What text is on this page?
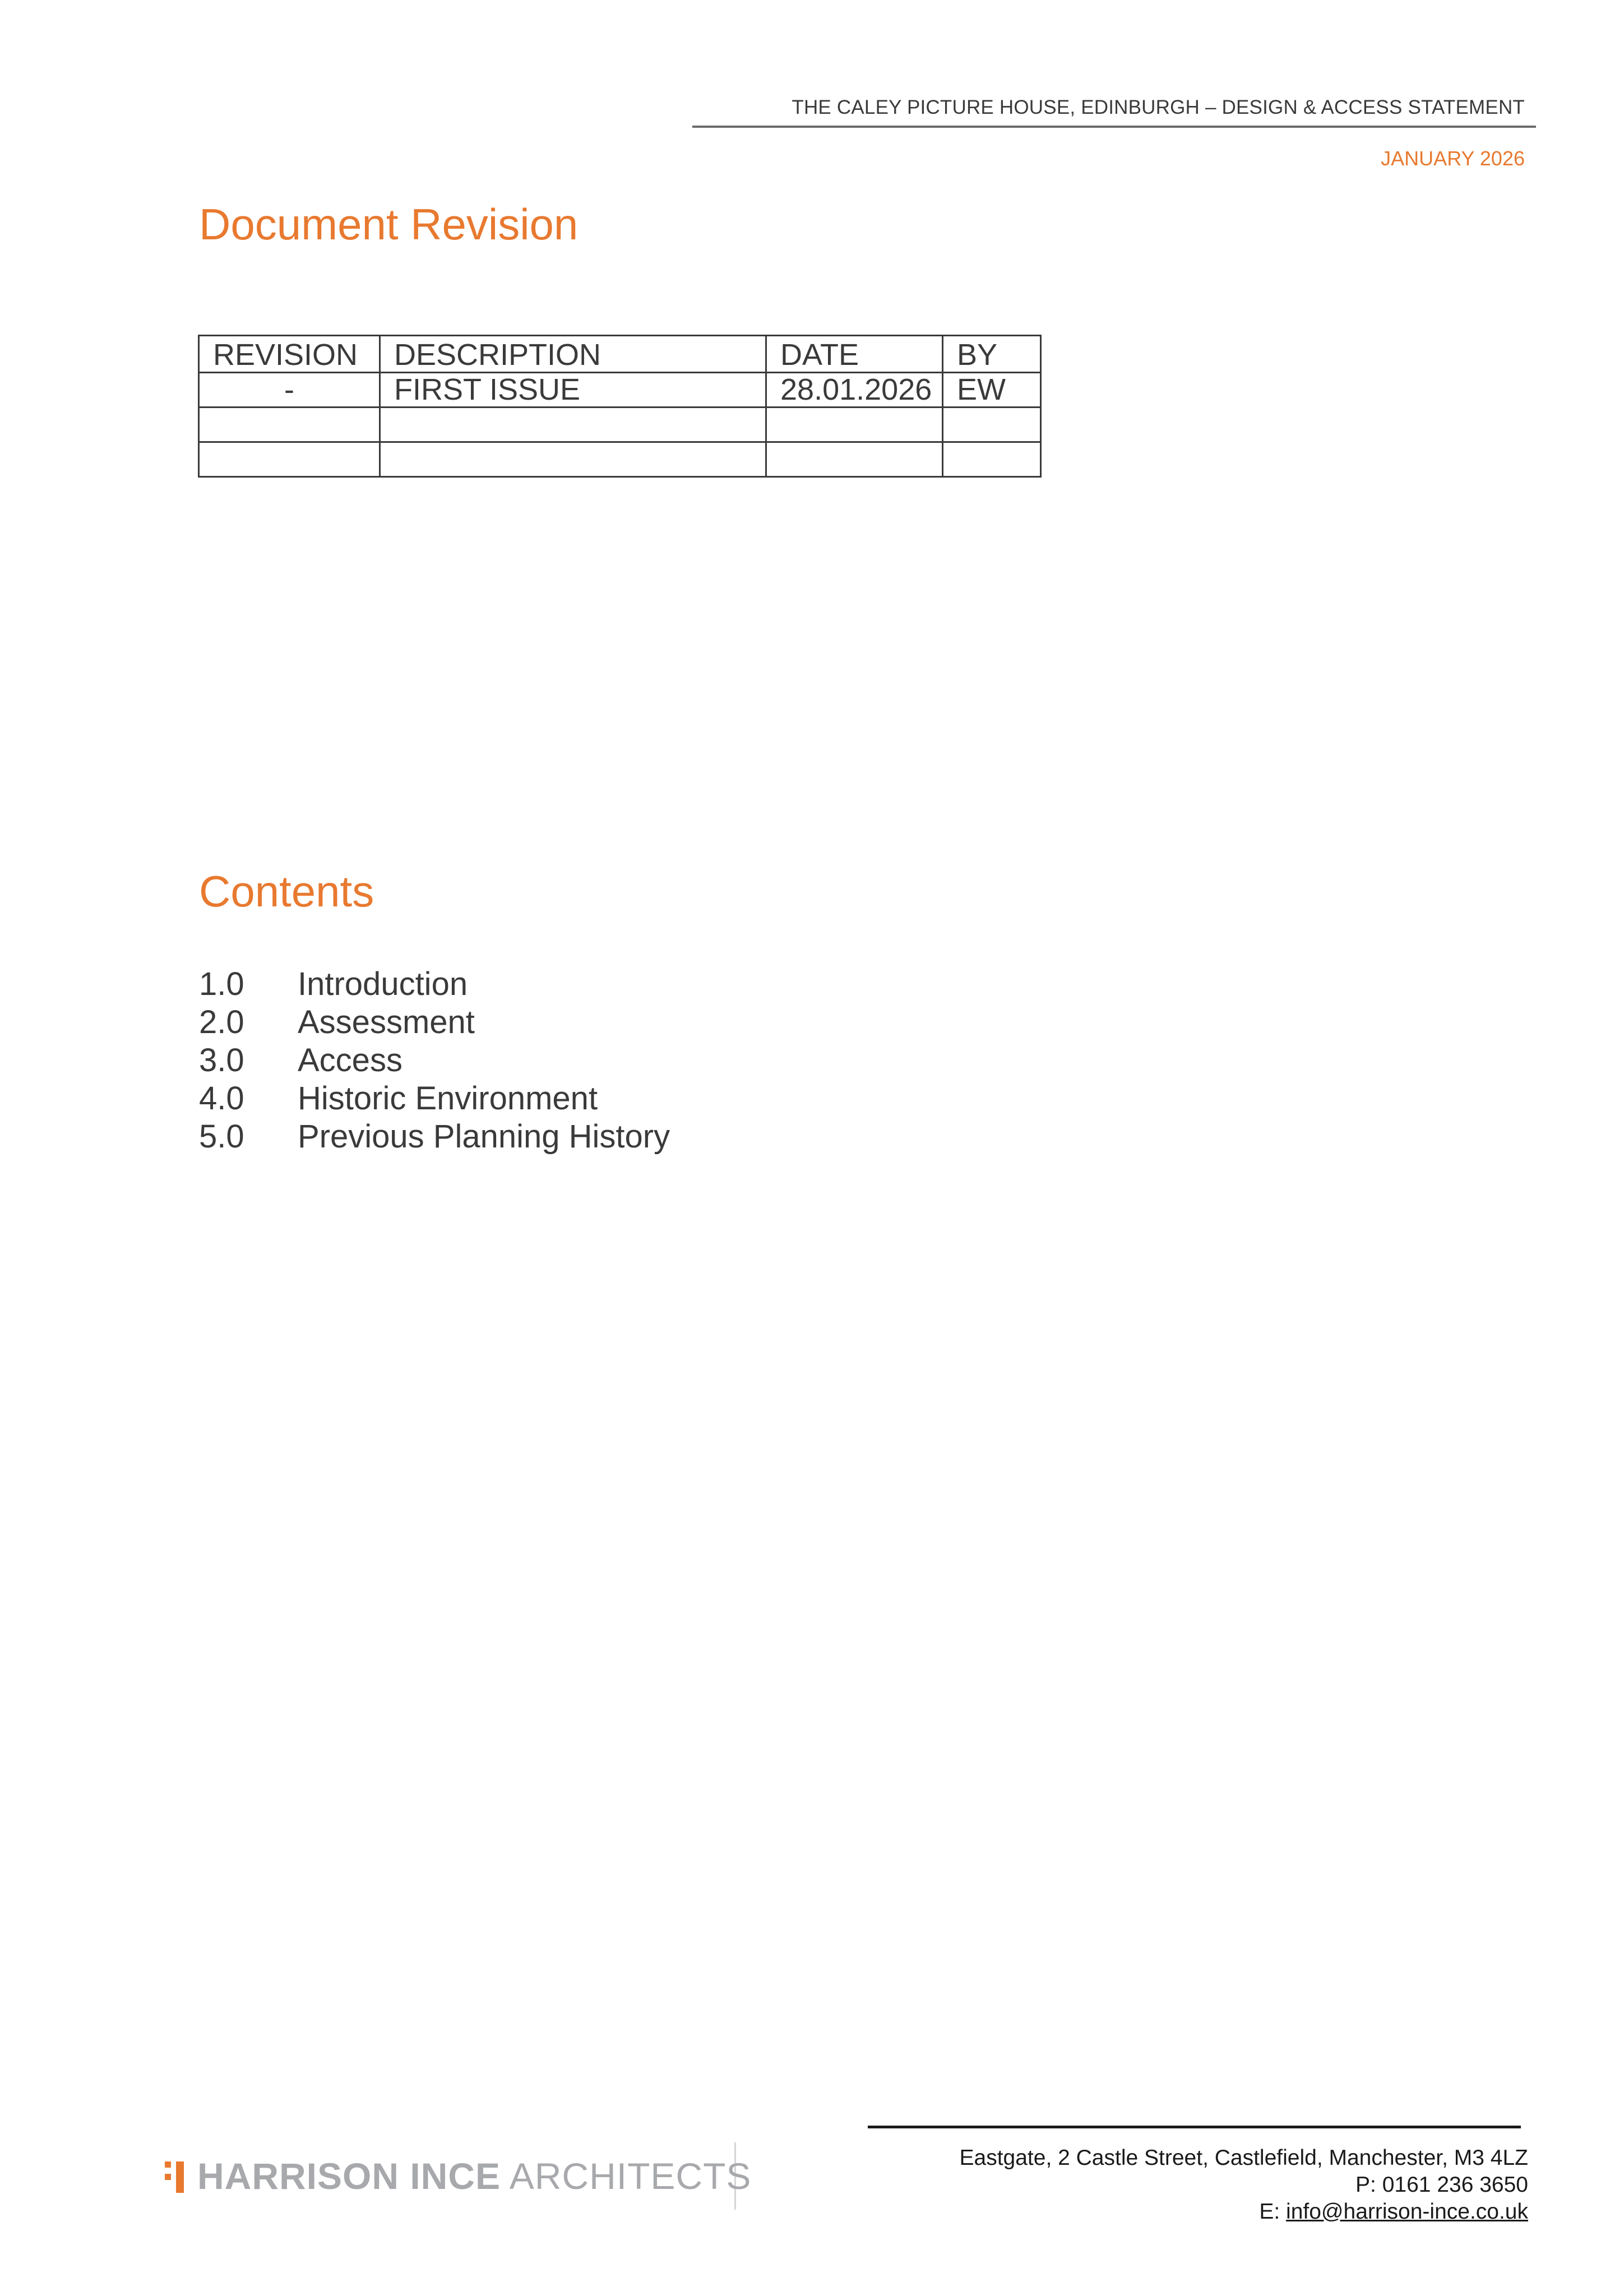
THE CALEY PICTURE HOUSE, EDINBURGH – DESIGN & ACCESS STATEMENT
JANUARY 2026
Document Revision
REVISION	DESCRIPTION	DATE	BY
-	FIRST ISSUE	28.01.2026	EW

Contents
1.0	Introduction
2.0	Assessment
3.0	Access
4.0	Historic Environment
5.0	Previous Planning History
HARRISON INCE ARCHITECTS	Eastgate, 2 Castle Street, Castlefield, Manchester, M3 4LZ
P: 0161 236 3650
E: info@harrison-ince.co.uk
